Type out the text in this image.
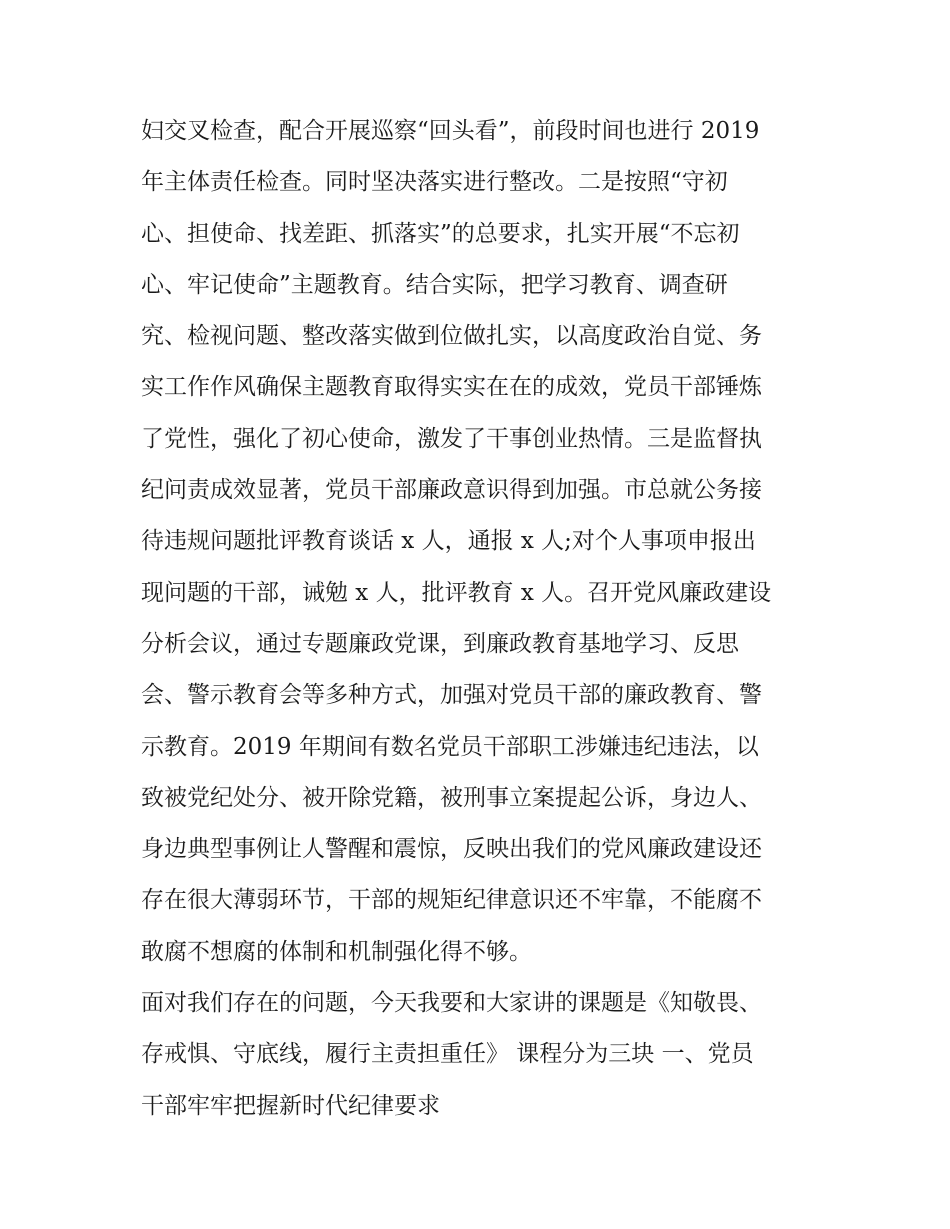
妇交叉检查，配合开展巡察“回头看”，前段时间也进行 2019
年主体责任检查。同时坚决落实进行整改。二是按照“守初
心、担使命、找差距、抓落实”的总要求，扎实开展“不忘初
心、牢记使命”主题教育。结合实际，把学习教育、调查研
究、检视问题、整改落实做到位做扎实，以高度政治自觉、务
实工作作风确保主题教育取得实实在在的成效，党员干部锤炼
了党性，强化了初心使命，激发了干事创业热情。三是监督执
纪问责成效显著，党员干部廉政意识得到加强。市总就公务接
待违规问题批评教育谈话 x 人，通报 x 人;对个人事项申报出
现问题的干部，诫勉 x 人，批评教育 x 人。召开党风廉政建设
分析会议，通过专题廉政党课，到廉政教育基地学习、反思
会、警示教育会等多种方式，加强对党员干部的廉政教育、警
示教育。2019 年期间有数名党员干部职工涉嫌违纪违法，以
致被党纪处分、被开除党籍，被刑事立案提起公诉，身边人、
身边典型事例让人警醒和震惊，反映出我们的党风廉政建设还
存在很大薄弱环节，干部的规矩纪律意识还不牢靠，不能腐不
敢腐不想腐的体制和机制强化得不够。
面对我们存在的问题，今天我要和大家讲的课题是《知敬畏、
存戒惧、守底线，履行主责担重任》 课程分为三块 一、党员
干部牢牢把握新时代纪律要求
